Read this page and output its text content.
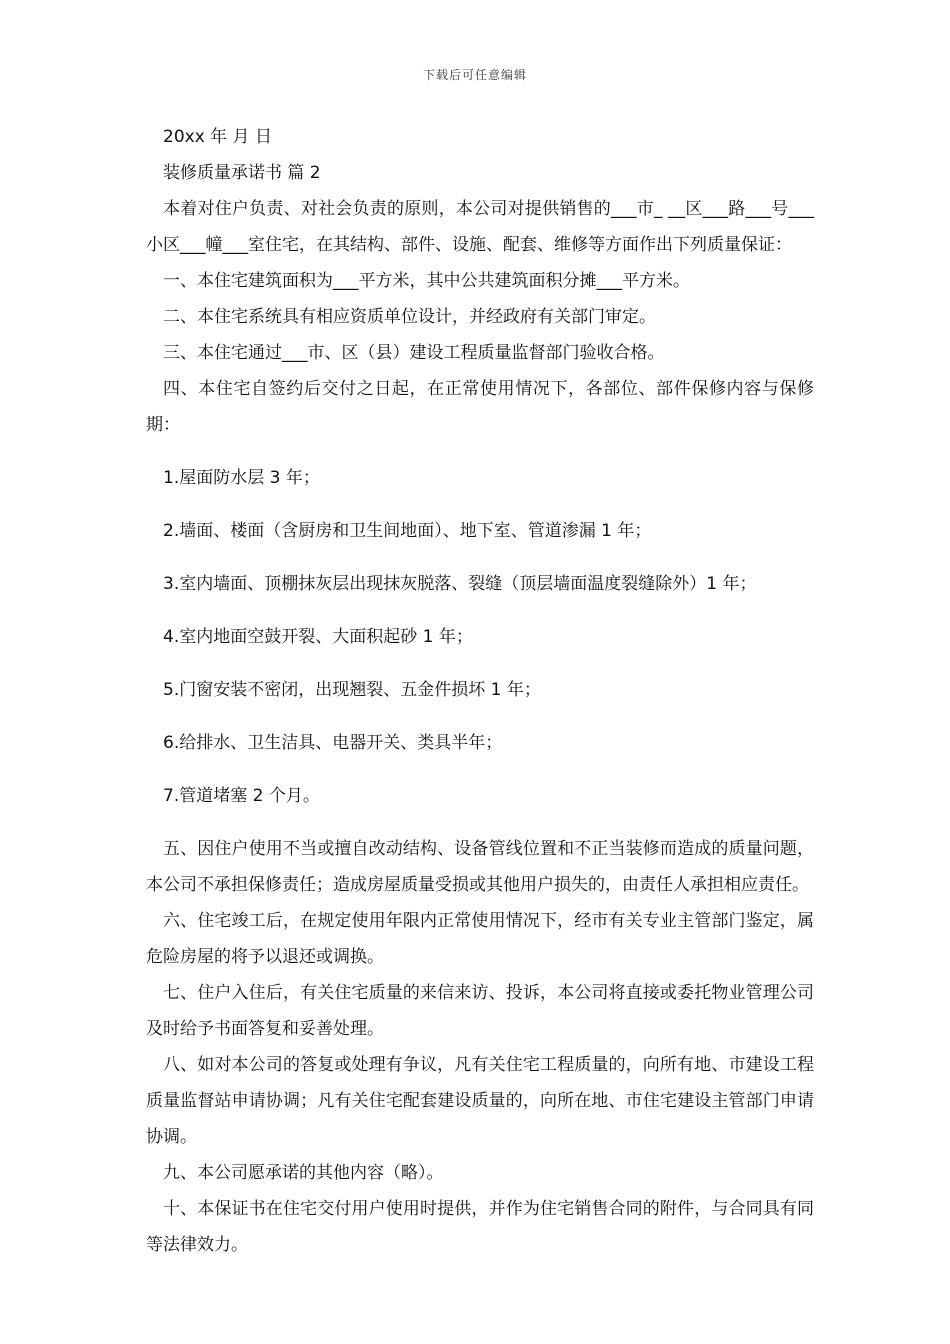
下载后可任意编辑

20xx 年 月 日

装修质量承诺书 篇 2

本着对住户负责、对社会负责的原则，本公司对提供销售的___市_ __区___路___号___小区___幢___室住宅，在其结构、部件、设施、配套、维修等方面作出下列质量保证：

一、本住宅建筑面积为___平方米，其中公共建筑面积分摊___平方米。

二、本住宅系统具有相应资质单位设计，并经政府有关部门审定。

三、本住宅通过___市、区（县）建设工程质量监督部门验收合格。

四、本住宅自签约后交付之日起，在正常使用情况下，各部位、部件保修内容与保修期：

1.屋面防水层 3 年；

2.墙面、楼面（含厨房和卫生间地面）、地下室、管道渗漏 1 年；

3.室内墙面、顶棚抹灰层出现抹灰脱落、裂缝（顶层墙面温度裂缝除外）1 年；

4.室内地面空鼓开裂、大面积起砂 1 年；

5.门窗安装不密闭，出现翘裂、五金件损坏 1 年；

6.给排水、卫生洁具、电器开关、类具半年；

7.管道堵塞 2 个月。

五、因住户使用不当或擅自改动结构、设备管线位置和不正当装修而造成的质量问题，本公司不承担保修责任；造成房屋质量受损或其他用户损失的，由责任人承担相应责任。

六、住宅竣工后，在规定使用年限内正常使用情况下，经市有关专业主管部门鉴定，属危险房屋的将予以退还或调换。

七、住户入住后，有关住宅质量的来信来访、投诉，本公司将直接或委托物业管理公司及时给予书面答复和妥善处理。

八、如对本公司的答复或处理有争议，凡有关住宅工程质量的，向所有地、市建设工程质量监督站申请协调；凡有关住宅配套建设质量的，向所在地、市住宅建设主管部门申请协调。

九、本公司愿承诺的其他内容（略）。

十、本保证书在住宅交付用户使用时提供，并作为住宅销售合同的附件，与合同具有同等法律效力。
